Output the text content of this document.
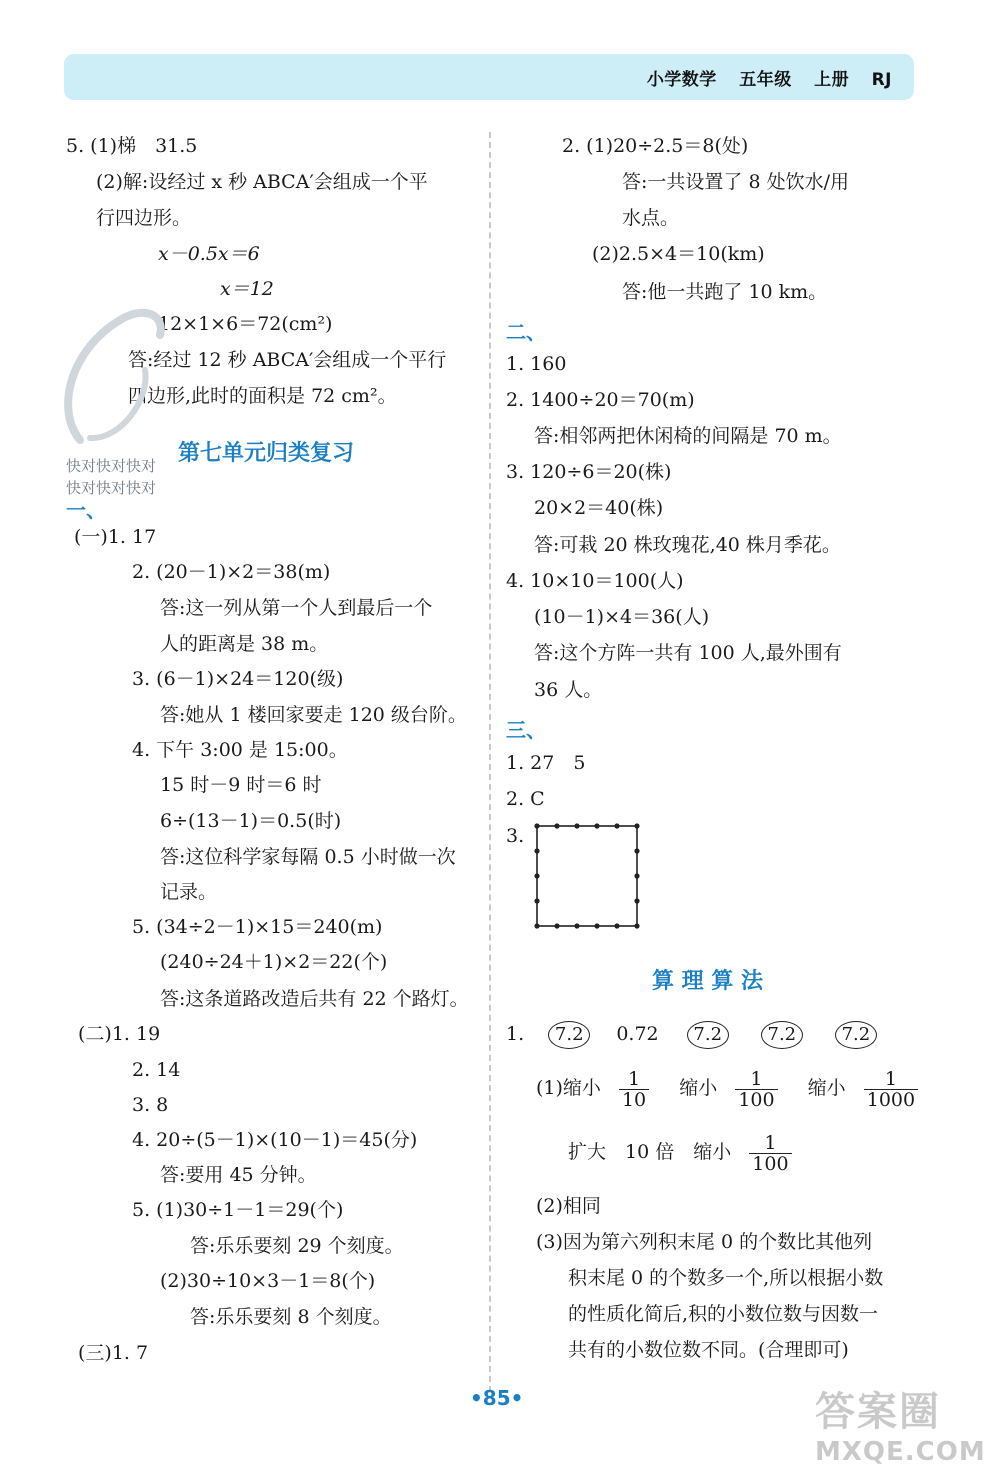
小学数学 五年级 上册 RJ
5. (1)梯　31.5
(2)解:设经过 x 秒 ABCA′会组成一个平
行四边形。
x－0.5x＝6
x＝12
12×1×6＝72(cm²)
答:经过 12 秒 ABCA′会组成一个平行
四边形,此时的面积是 72 cm²。
第七单元归类复习
快对快对快对
快对快对快对
一、
(一)1. 17
2. (20－1)×2＝38(m)
答:这一列从第一个人到最后一个
人的距离是 38 m。
3. (6－1)×24＝120(级)
答:她从 1 楼回家要走 120 级台阶。
4. 下午 3:00 是 15:00。
15 时－9 时＝6 时
6÷(13－1)＝0.5(时)
答:这位科学家每隔 0.5 小时做一次
记录。
5. (34÷2－1)×15＝240(m)
(240÷24＋1)×2＝22(个)
答:这条道路改造后共有 22 个路灯。
(二)1. 19
2. 14
3. 8
4. 20÷(5－1)×(10－1)＝45(分)
答:要用 45 分钟。
5. (1)30÷1－1＝29(个)
答:乐乐要刻 29 个刻度。
(2)30÷10×3－1＝8(个)
答:乐乐要刻 8 个刻度。
(三)1. 7
2. (1)20÷2.5＝8(处)
答:一共设置了 8 处饮水/用
水点。
(2)2.5×4＝10(km)
答:他一共跑了 10 km。
二、
1. 160
2. 1400÷20＝70(m)
答:相邻两把休闲椅的间隔是 70 m。
3. 120÷6＝20(株)
20×2＝40(株)
答:可栽 20 株玫瑰花,40 株月季花。
4. 10×10＝100(人)
(10－1)×4＝36(人)
答:这个方阵一共有 100 人,最外围有
36 人。
三、
1. 27　5
2. C
3.
算 理 算 法
1. 7.2 0.72 7.2	7.2	7.2
(1)缩小 $\frac{1}{10}$ 缩小 $\frac{1}{100}$ 缩小 $\frac{1}{1000}$
扩大　10 倍　缩小 $\frac{1}{100}$
(2)相同
(3)因为第六列积末尾 0 的个数比其他列
积末尾 0 的个数多一个,所以根据小数
的性质化简后,积的小数位数与因数一
共有的小数位数不同。(合理即可)
•85•	答案圈
MXQE.COM
